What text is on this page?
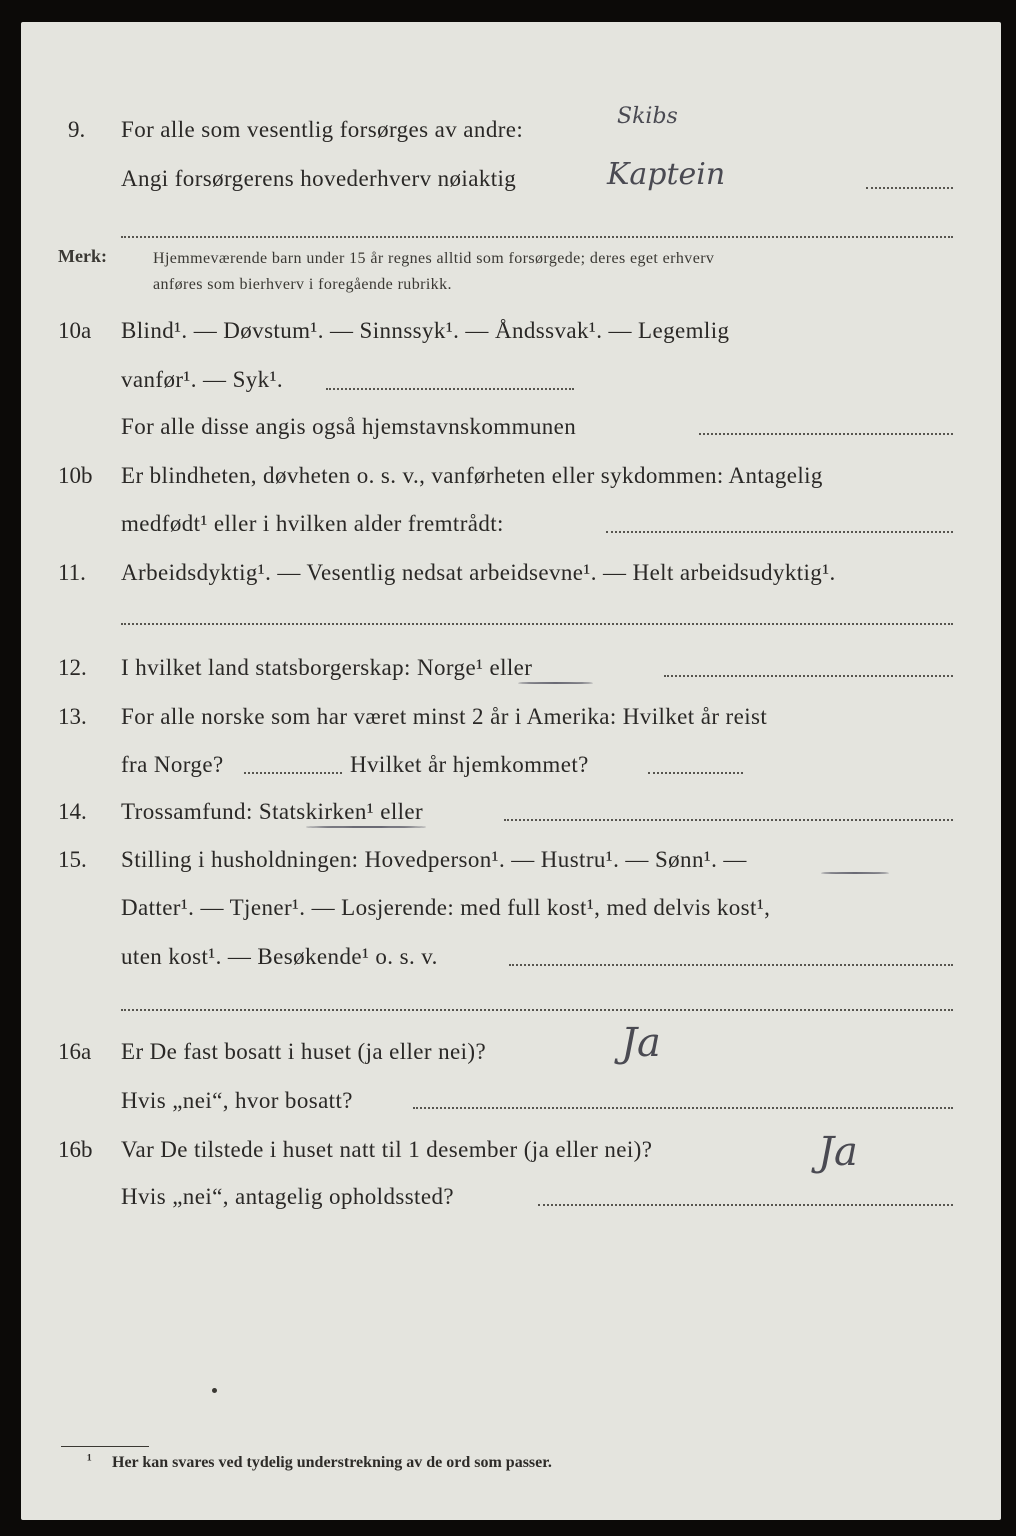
9. For alle som vesentlig forsørges av andre:
Skibs
Angi forsørgerens hovederhverv nøiaktig	Kaptein
Merk:	Hjemmeværende barn under 15 år regnes alltid som forsørgede; deres eget erhverv
anføres som bierhverv i foregående rubrikk.
10a Blind¹. — Døvstum¹. — Sinnssyk¹. — Åndssvak¹. — Legemlig
vanfør¹. — Syk¹.
For alle disse angis også hjemstavnskommunen
10b Er blindheten, døvheten o. s. v., vanførheten eller sykdommen: Antagelig
medfødt¹ eller i hvilken alder fremtrådt:
11. Arbeidsdyktig¹. — Vesentlig nedsat arbeidsevne¹. — Helt arbeidsudyktig¹.
12. I hvilket land statsborgerskap: Norge¹ eller
13. For alle norske som har været minst 2 år i Amerika: Hvilket år reist
fra Norge?	Hvilket år hjemkommet?
14. Trossamfund: Statskirken¹ eller
15. Stilling i husholdningen: Hovedperson¹. — Hustru¹. — Sønn¹. —
Datter¹. — Tjener¹. — Losjerende: med full kost¹, med delvis kost¹,
uten kost¹. — Besøkende¹ o. s. v.
16a Er De fast bosatt i huset (ja eller nei)?	Ja
Hvis „nei“, hvor bosatt?
16b Var De tilstede i huset natt til 1 desember (ja eller nei)?	Ja
Hvis „nei“, antagelig opholdssted?
¹ Her kan svares ved tydelig understrekning av de ord som passer.
